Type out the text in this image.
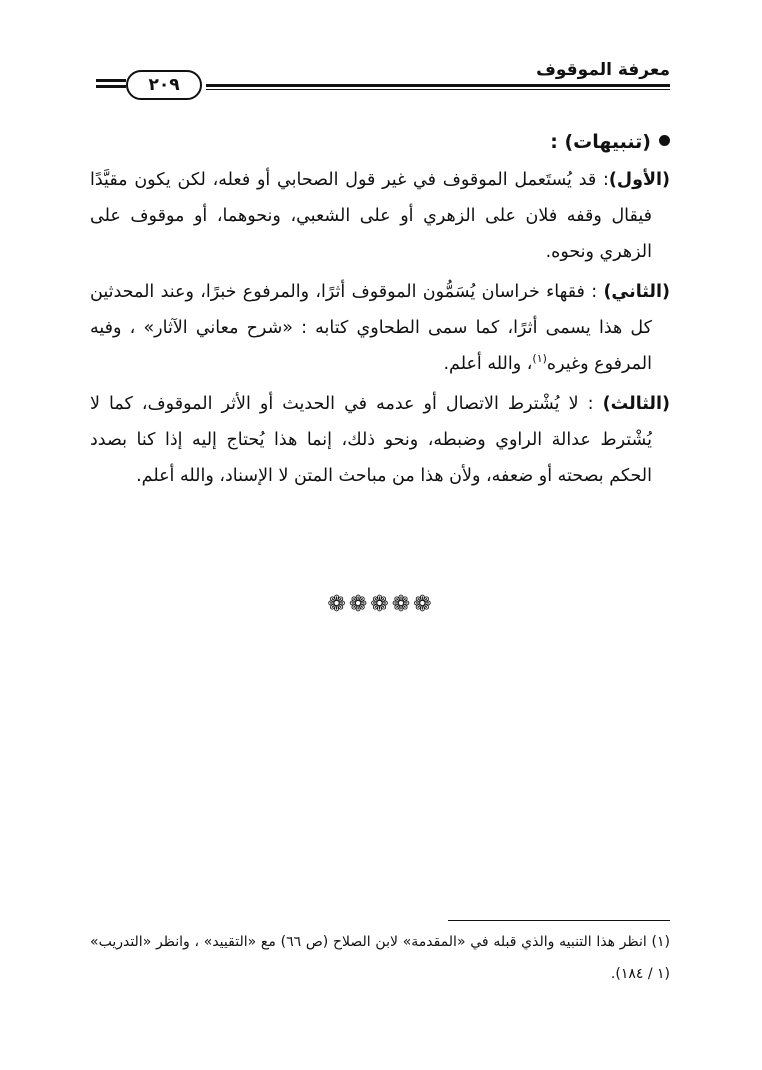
معرفة الموقوف
٢٠٩
(تنبيهات) :

(الأول): قد يُستَعمل الموقوف في غير قول الصحابي أو فعله، لكن يكون مقيَّدًا فيقال وقفه فلان على الزهري أو على الشعبي، ونحوهما، أو موقوف على الزهري ونحوه.

(الثاني) : فقهاء خراسان يُسَمُّون الموقوف أثرًا، والمرفوع خبرًا، وعند المحدثين كل هذا يسمى أثرًا، كما سمى الطحاوي كتابه : «شرح معاني الآثار» ، وفيه المرفوع وغيره$^{(١)}$، والله أعلم.

(الثالث) : لا يُشْترط الاتصال أو عدمه في الحديث أو الأثر الموقوف، كما لا يُشْترط عدالة الراوي وضبطه، ونحو ذلك، إنما هذا يُحتاج إليه إذا كنا بصدد الحكم بصحته أو ضعفه، ولأن هذا من مباحث المتن لا الإسناد، والله أعلم.

❁❁❁❁❁
(١) انظر هذا التنبيه والذي قبله في «المقدمة» لابن الصلاح (ص ٦٦) مع «التقييد» ، وانظر «التدريب» (١ / ١٨٤).
